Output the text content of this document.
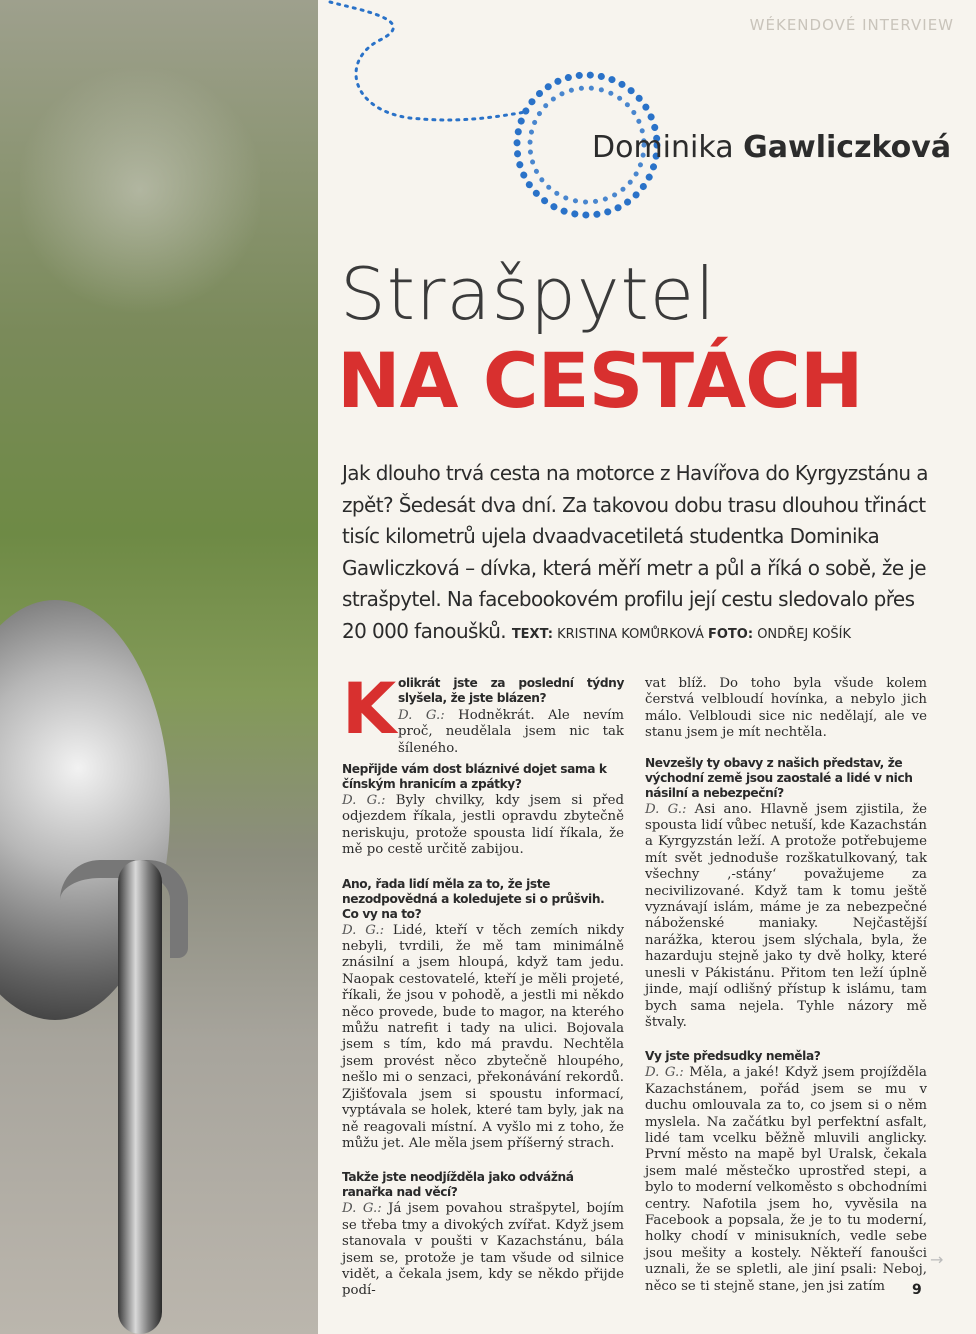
WÉKENDOVÉ INTERVIEW
Dominika Gawliczková
Strašpytel
NA CESTÁCH
Jak dlouho trvá cesta na motorce z Havířova do Kyrgyzstánu a zpět? Šedesát dva dní. Za takovou dobu trasu dlouhou třináct tisíc kilometrů ujela dvaadvacetiletá studentka Dominika Gawliczková – dívka, která měří metr a půl a říká o sobě, že je strašpytel. Na facebookovém profilu její cestu sledovalo přes 20 000 fanoušků. TEXT: KRISTINA KOMŮRKOVÁ FOTO: ONDŘEJ KOŠÍK
K olikrát jste za poslední týdny slyšela, že jste blázen?
D. G.: Hodněkrát. Ale nevím proč, neudělala jsem nic tak šíleného.
Nepřijde vám dost bláznivé dojet sama k čínským hranicím a zpátky?

D. G.: Byly chvilky, kdy jsem si před odjezdem říkala, jestli opravdu zbytečně neriskuju, protože spousta lidí říkala, že mě po cestě určitě zabijou.

Ano, řada lidí měla za to, že jste nezodpovědná a koledujete si o průšvih. Co vy na to?

D. G.: Lidé, kteří v těch zemích nikdy nebyli, tvrdili, že mě tam minimálně znásilní a jsem hloupá, když tam jedu. Naopak cestovatelé, kteří je měli projeté, říkali, že jsou v pohodě, a jestli mi někdo něco provede, bude to magor, na kterého můžu natrefit i tady na ulici. Bojovala jsem s tím, kdo má pravdu. Nechtěla jsem provést něco zbytečně hloupého, nešlo mi o senzaci, překonávání rekordů. Zjišťovala jsem si spoustu informací, vyptávala se holek, které tam byly, jak na ně reagovali místní. A vyšlo mi z toho, že můžu jet. Ale měla jsem příšerný strach.

Takže jste neodjížděla jako odvážná ranařka nad věcí?

D. G.: Já jsem povahou strašpytel, bojím se třeba tmy a divokých zvířat. Když jsem stanovala v poušti v Kazachstánu, bála jsem se, protože je tam všude od silnice vidět, a čekala jsem, kdy se někdo přijde podí-

vat blíž. Do toho byla všude kolem čerstvá velbloudí hovínka, a nebylo jich málo. Velbloudi sice nic nedělají, ale ve stanu jsem je mít nechtěla.

Nevzešly ty obavy z našich představ, že východní země jsou zaostalé a lidé v nich násilní a nebezpeční?

D. G.: Asi ano. Hlavně jsem zjistila, že spousta lidí vůbec netuší, kde Kazachstán a Kyrgyzstán leží. A protože potřebujeme mít svět jednoduše rozškatulkovaný, tak všechny ‚-stány‘ považujeme za necivilizované. Když tam k tomu ještě vyznávají islám, máme je za nebezpečné náboženské maniaky. Nejčastější narážka, kterou jsem slýchala, byla, že hazarduju stejně jako ty dvě holky, které unesli v Pákistánu. Přitom ten leží úplně jinde, mají odlišný přístup k islámu, tam bych sama nejela. Tyhle názory mě štvaly.

Vy jste předsudky neměla?

D. G.: Měla, a jaké! Když jsem projížděla Kazachstánem, pořád jsem se mu v duchu omlouvala za to, co jsem si o něm myslela. Na začátku byl perfektní asfalt, lidé tam vcelku běžně mluvili anglicky. První město na mapě byl Uralsk, čekala jsem malé městečko uprostřed stepi, a bylo to moderní velkoměsto s obchodními centry. Nafotila jsem ho, vyvěsila na Facebook a popsala, že je to tu moderní, holky chodí v minisukních, vedle sebe jsou mešity a kostely. Někteří fanoušci uznali, že se spletli, ale jiní psali: Neboj, něco se ti stejně stane, jen jsi zatím

→
9
